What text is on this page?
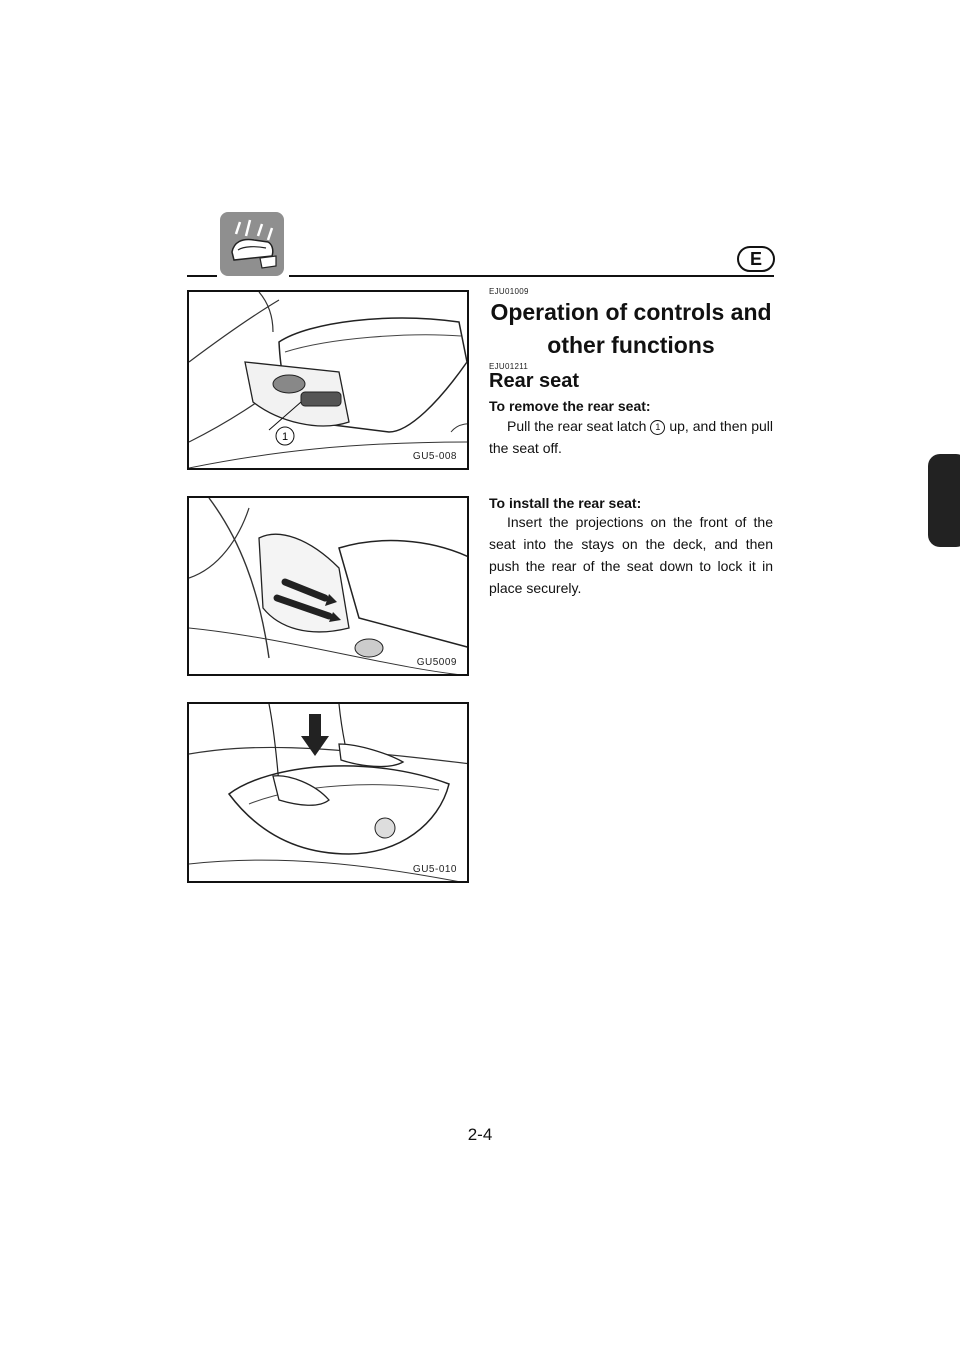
E
1
GU5-008
GU5009
GU5-010
EJU01009
Operation of controls and
other functions
EJU01211
Rear seat
To remove the rear seat:
Pull the rear seat latch 1 up, and then pull the seat off.
To install the rear seat:
Insert the projections on the front of the seat into the stays on the deck, and then push the rear of the seat down to lock it in place securely.
2-4
